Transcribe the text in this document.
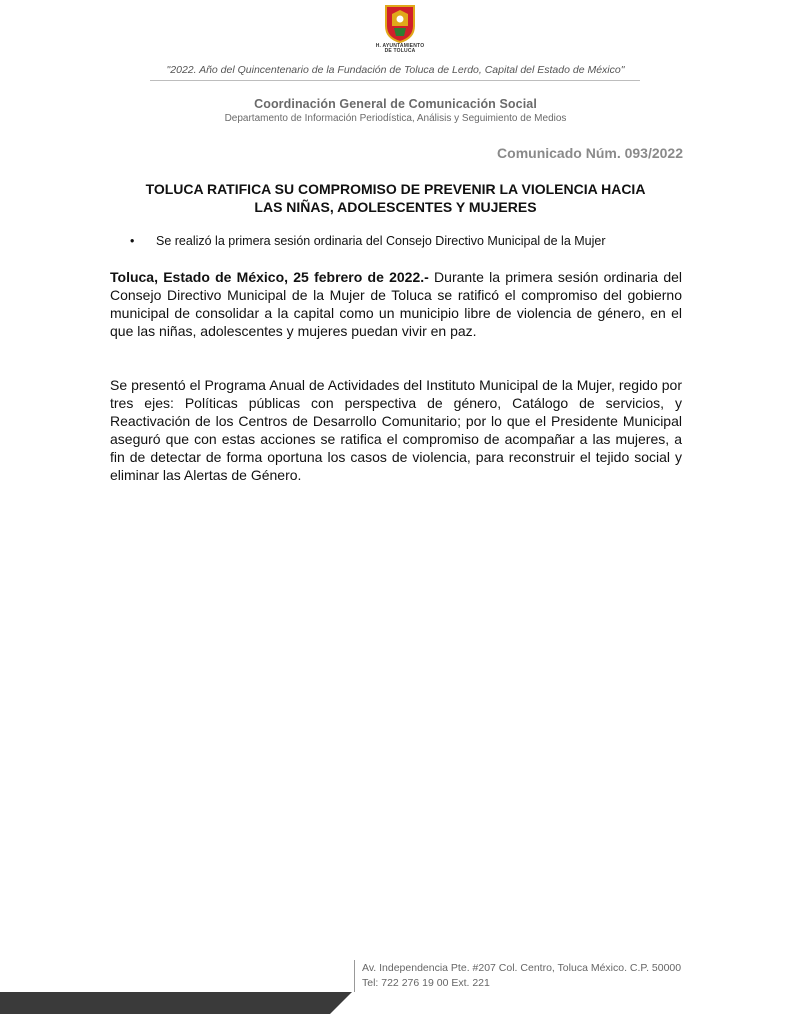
H. AYUNTAMIENTO
DE TOLUCA
"2022. Año del Quincentenario de la Fundación de Toluca de Lerdo, Capital del Estado de México"
Coordinación General de Comunicación Social
Departamento de Información Periodística, Análisis y Seguimiento de Medios
Comunicado Núm. 093/2022
TOLUCA RATIFICA SU COMPROMISO DE PREVENIR LA VIOLENCIA HACIA
LAS NIÑAS, ADOLESCENTES Y MUJERES
• Se realizó la primera sesión ordinaria del Consejo Directivo Municipal de la Mujer
Toluca, Estado de México, 25 febrero de 2022.- Durante la primera sesión ordinaria del Consejo Directivo Municipal de la Mujer de Toluca se ratificó el compromiso del gobierno municipal de consolidar a la capital como un municipio libre de violencia de género, en el que las niñas, adolescentes y mujeres puedan vivir en paz.
Se presentó el Programa Anual de Actividades del Instituto Municipal de la Mujer, regido por tres ejes: Políticas públicas con perspectiva de género, Catálogo de servicios, y Reactivación de los Centros de Desarrollo Comunitario; por lo que el Presidente Municipal aseguró que con estas acciones se ratifica el compromiso de acompañar a las mujeres, a fin de detectar de forma oportuna los casos de violencia, para reconstruir el tejido social y eliminar las Alertas de Género.
Av. Independencia Pte. #207 Col. Centro, Toluca México. C.P. 50000
Tel: 722 276 19 00 Ext. 221
